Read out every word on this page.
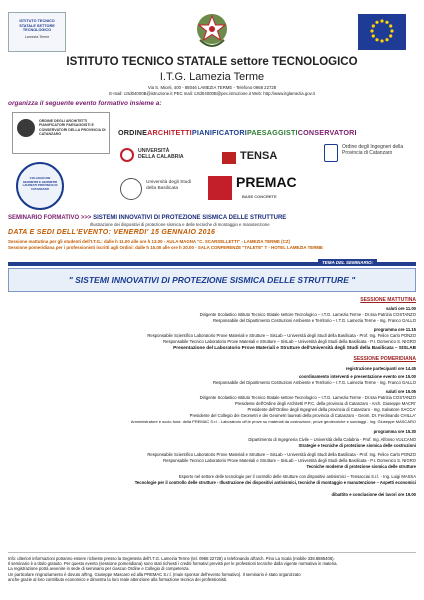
ISTITUTO TECNICO STATALE SETTORE TECNOLOGICO
Lamezia Terme
ISTITUTO TECNICO STATALE settore TECNOLOGICO
I.T.G. Lamezia Terme
Via S. Miceli, 400 - 88046 LAMEZIA TERME - Telefono 0968 22728
E-mail: cztd04000B@istruzione.it PEC mail: cztd04000B@pec.istruzione.it Web: http://www.itglamezia.gov.it
organizza il seguente evento formativo insieme a:
ORDINE DEGLI ARCHITETTI PIANIFICATORI PAESAGGISTI E CONSERVATORI DELLA PROVINCIA DI CATANZARO	ORDINEARCHITETTIPIANIFICATORIPAESAGGISTICONSERVATORI
UNIVERSITÀ DELLA CALABRIA	TENSA
Ordine degli Ingegneri della Provincia di Catanzaro
COLLEGIO DEI GEOMETRI E GEOMETRI LAUREATI PROVINCIA DI CATANZARO
Università degli Studi della Basilicata	PREMAC
BASE CONCRETE
SEMINARIO FORMATIVO >>> SISTEMI INNOVATIVI DI PROTEZIONE SISMICA DELLE STRUTTURE
Illustrazione dei dispositivi di protezione sismica e delle tecniche di montaggio e manutenzione
DATA E SEDI DELL'EVENTO: VENERDI' 15 GENNAIO 2016
Sessione mattutina per gli studenti dell'I.T.G.: dalle h 11.00 alle ore h 13.00 - AULA MAGNA "C. SCARSELLETTI" - LAMEZIA TERME (CZ)
Sessione pomeridiana per i professionisti iscritti agli Ordini: dalle h 15.00 alle ore h 20.00 - SALA CONFERENZE "TALETE" T - HOTEL LAMEZIA TERME
TEMA DEL SEMINARIO:
" SISTEMI INNOVATIVI DI PROTEZIONE SISMICA DELLE STRUTTURE "
SESSIONE MATTUTINA
saluti ore 11.00
Dirigente Scolastico Istituto Tecnico Statale settore Tecnologico – I.T.G. Lamezia Terme - Dr.ssa Patrizia COSTANZO
Responsabile del Dipartimento Costruzioni Ambiente e Territorio – I.T.G. Lamezia Terme - Ing. Franco GALLO
programma ore 11.15
Responsabile Scientifico Laboratorio Prove Materiali e Strutture – SisLab – Università degli Studi della Basilicata - Prof. Ing. Felice Carlo PONZO
Responsabile Tecnico Laboratorio Prove Materiali e Strutture – SisLab – Università degli Studi della Basilicata - P.I. Domenico S. NIGRO
Presentazione del Laboratorio Prove Materiali e Strutture dell'Università degli Studi della Basilicata – SISLAB
SESSIONE POMERIDIANA
registrazione partecipanti ore 14.45
coordinamento interventi e presentazione evento ore 15.00
Responsabile del Dipartimento Costruzioni Ambiente e Territorio – I.T.G. Lamezia Terme - Ing. Franco GALLO
saluti ore 15.05
Dirigente Scolastico Istituto Tecnico Statale settore Tecnologico – I.T.G. Lamezia Terme - Dr.ssa Patrizia COSTANZO
Presidente dell'Ordine degli Architetti P.P.C. della provincia di Catanzaro - Arch. Giuseppe MACRI'
Presidente dell'Ordine degli Ingegneri della provincia di Catanzaro - Ing. Salvatore SACCA'
Presidente del Collegio dei Geometri e dei Geometri laureati della provincia di Catanzaro - Geom. Dr. Ferdinando CHILLA'
Amministratore e socio fond. della PREMAC S.r.l - Laboratorio uff.le prove su materiali da costruzione, prove geotecniche e sondaggi - Ing. Giuseppe MASCARO
programma ore 15.30
Dipartimento di Ingegneria Civile – Università della Calabria - Prof. Ing. Alfonso VULCANO
Strategie e tecniche di protezione sismica delle costruzioni
Responsabile Scientifico Laboratorio Prove Materiali e Strutture – SisLab – Università degli Studi della Basilicata - Prof. Ing. Felice Carlo PONZO
Responsabile Tecnico Laboratorio Prove Materiali e Strutture – SisLab – Università degli Studi della Basilicata - P.I. Domenico S. NIGRO
Tecniche moderne di protezione sismica delle strutture
Esperto nel settore delle tecnologie per il controllo delle strutture con dispositivi antisismici – Tensacciai S.r.l. - Ing. Luigi MASSA
Tecnologie per il controllo delle strutture - Illustrazione dei dispositivi antisismici, tecniche di montaggio e manutenzione – Aspetti economici
dibattito e conclusione dei lavori ore 19.00
Info: ulteriori informazioni potranno essere richieste presso la Segreteria dell'I.T.G. Lamezia Terme (tel. 0968 22728) o telefonando all'arch. Pino La Scala (mobile 338.8885406).
Il seminario è a titolo gratuito. Per questo evento (sessione pomeridiana) sono stati richiesti i crediti formativi previsti per le professioni tecniche dalla vigente normativa in materia.
La registrazione potrà avvenire in sede di seminario per ciascun Ordine e Collegio di competenza.
Un particolare ringraziamento è dovuto all'Ing. Giuseppe Mascaro ed alla PREMAC S.r.l. (main sponsor dell'evento formativo). Il seminario è stato organizzato
anche grazie al loro contributo economico e dimostra la loro reale attenzione alla formazione tecnica dei professionisti.
